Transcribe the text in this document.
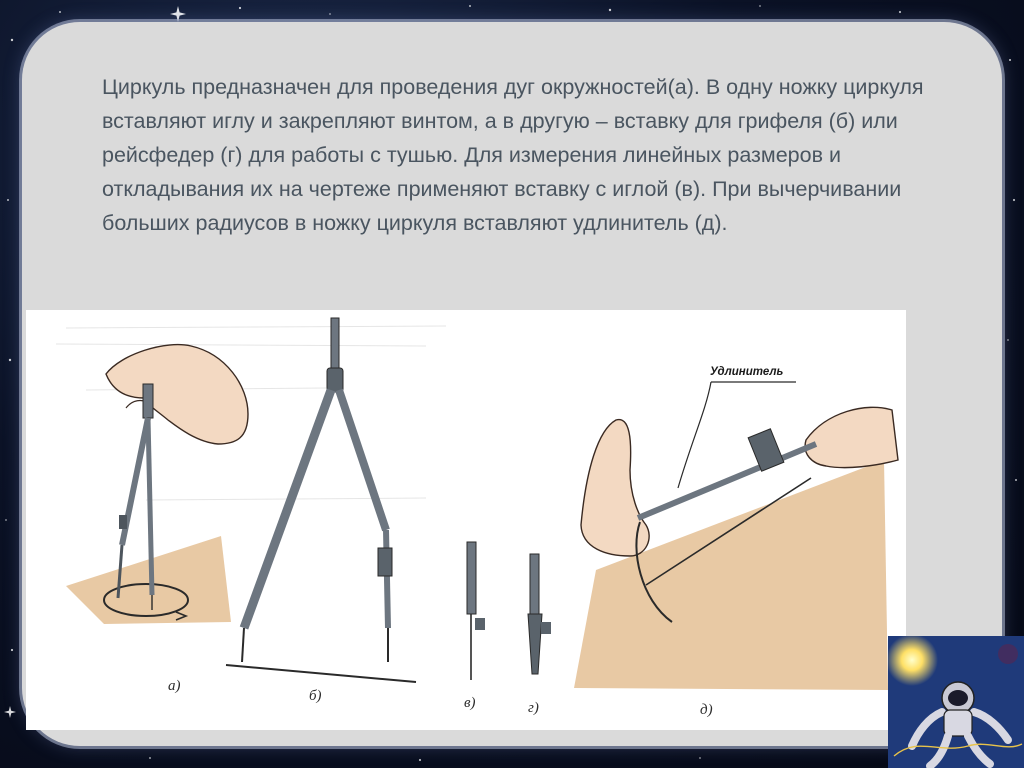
Циркуль предназначен для проведения дуг окружностей(а). В одну ножку циркуля вставляют иглу и закрепляют винтом, а в другую – вставку для грифеля (б) или рейсфедер (г) для работы с тушью. Для измерения линейных размеров и откладывания их на чертеже применяют вставку с иглой (в). При вычерчивании больших радиусов в ножку циркуля вставляют удлинитель (д).

а)
б)	в)	г)	д)
Удлинитель
